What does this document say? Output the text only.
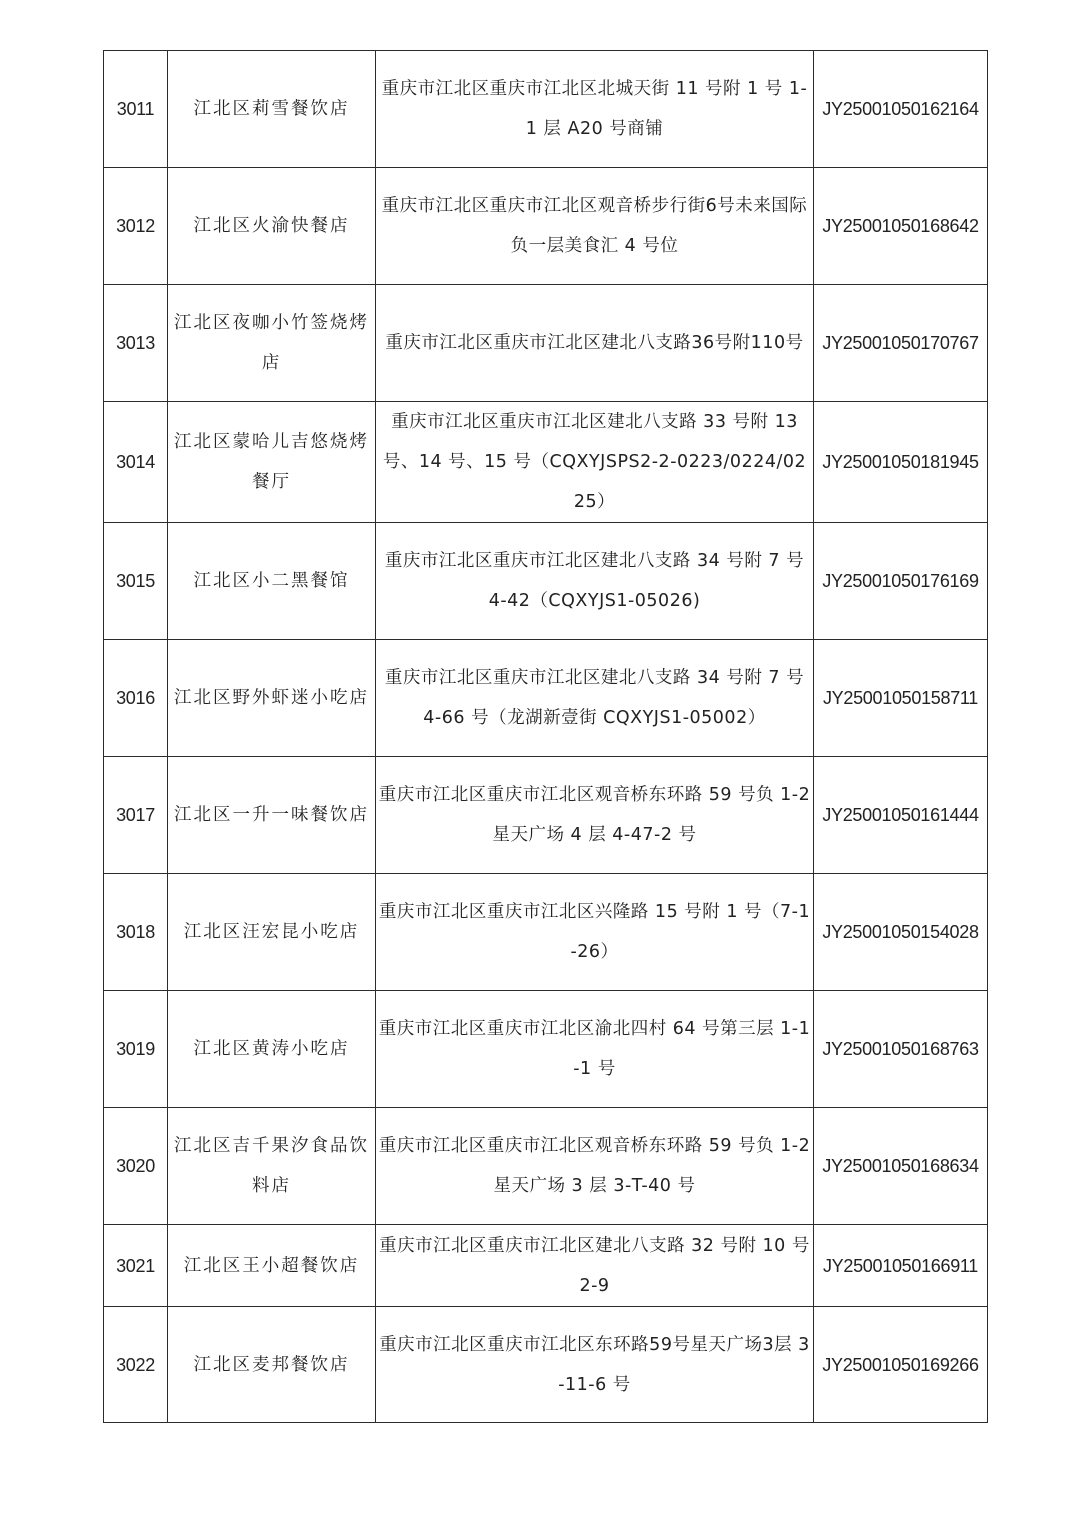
3011	江北区莉雪餐饮店	重庆市江北区重庆市江北区北城天街 11 号附 1 号 1-1 层 A20 号商铺	JY25001050162164
3012	江北区火渝快餐店	重庆市江北区重庆市江北区观音桥步行街6号未来国际负一层美食汇 4 号位	JY25001050168642
3013	江北区夜咖小竹签烧烤店	重庆市江北区重庆市江北区建北八支路36号附110号	JY25001050170767
3014	江北区蒙哈儿吉悠烧烤餐厅	重庆市江北区重庆市江北区建北八支路 33 号附 13 号、14 号、15 号（CQXYJSPS2-2-0223/0224/0225）	JY25001050181945
3015	江北区小二黑餐馆	重庆市江北区重庆市江北区建北八支路 34 号附 7 号 4-42（CQXYJS1-05026)	JY25001050176169
3016	江北区野外虾迷小吃店	重庆市江北区重庆市江北区建北八支路 34 号附 7 号 4-66 号（龙湖新壹街 CQXYJS1-05002）	JY25001050158711
3017	江北区一升一味餐饮店	重庆市江北区重庆市江北区观音桥东环路 59 号负 1-2 星天广场 4 层 4-47-2 号	JY25001050161444
3018	江北区汪宏昆小吃店	重庆市江北区重庆市江北区兴隆路 15 号附 1 号（7-1-26）	JY25001050154028
3019	江北区黄涛小吃店	重庆市江北区重庆市江北区渝北四村 64 号第三层 1-1-1 号	JY25001050168763
3020	江北区吉千果汐食品饮料店	重庆市江北区重庆市江北区观音桥东环路 59 号负 1-2 星天广场 3 层 3-T-40 号	JY25001050168634
3021	江北区王小超餐饮店	重庆市江北区重庆市江北区建北八支路 32 号附 10 号 2-9	JY25001050166911
3022	江北区麦邦餐饮店	重庆市江北区重庆市江北区东环路59号星天广场3层 3-11-6 号	JY25001050169266
